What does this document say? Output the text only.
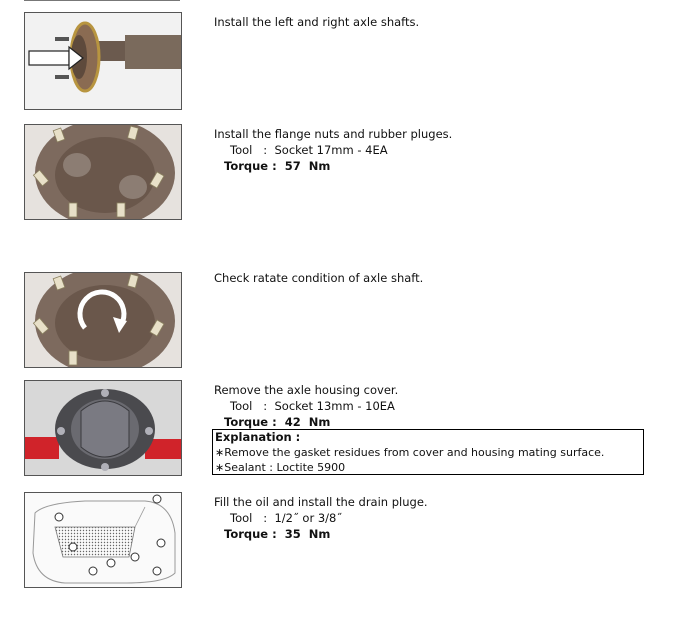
Install the left and right axle shafts.
Install the flange nuts and rubber pluges.
Tool   :  Socket 17mm - 4EA
Torque :  57  Nm
Check ratate condition of axle shaft.
Remove the axle housing cover.
Tool   :  Socket 13mm - 10EA
Torque :  42  Nm
Explanation :
∗Remove the gasket residues from cover and housing mating surface.
∗Sealant : Loctite 5900
Fill the oil and install the drain pluge.
Tool   :  1/2˝ or 3/8˝
Torque :  35  Nm
